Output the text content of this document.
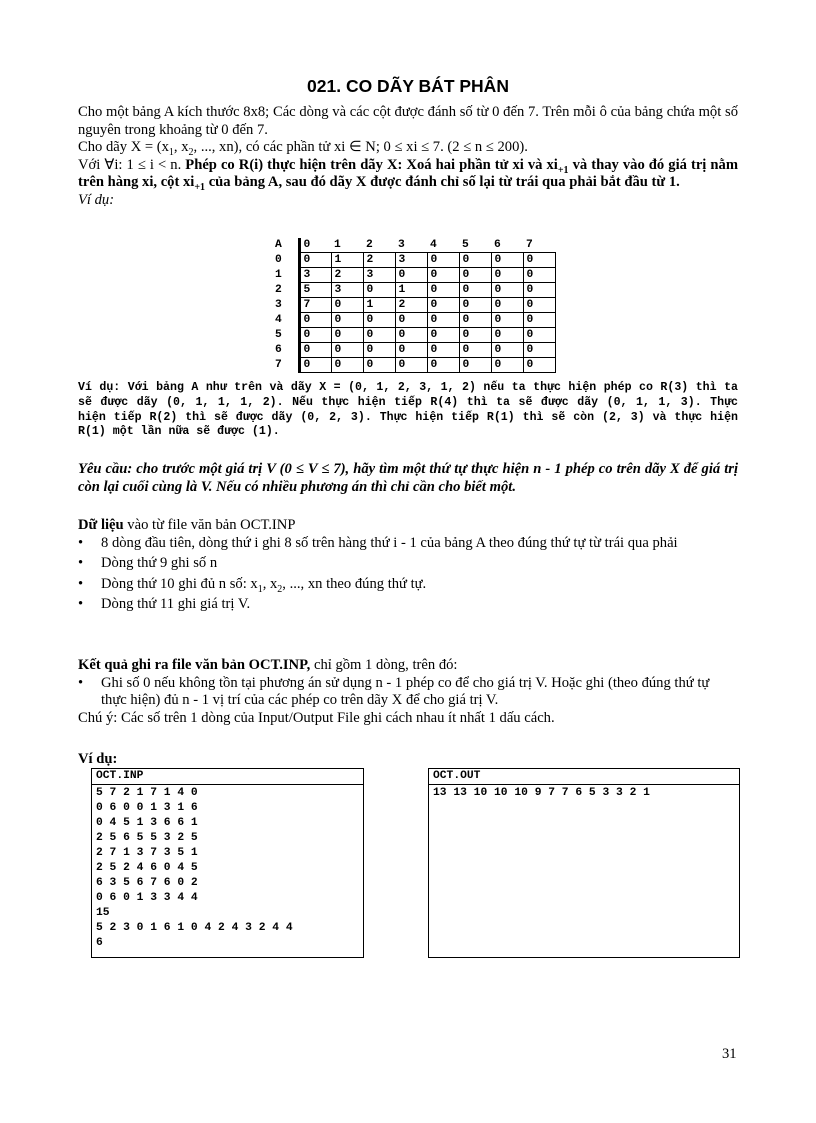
021. CO DÃY BÁT PHÂN

Cho một bảng A kích thước 8x8; Các dòng và các cột được đánh số từ 0 đến 7. Trên mỗi ô của bảng chứa một số nguyên trong khoảng từ 0 đến 7.

Cho dãy $X = (x_1$, $x_2$, ..., xn), có các phần tử xi ∈ N; 0 ≤ xi ≤ 7. (2 ≤ n ≤ 200).

Với ∀i: 1 ≤ i < n. Phép co R(i) thực hiện trên dãy X: Xoá hai phần tử xi và $xi_{+1}$ và thay vào đó giá trị nằm trên hàng xi, cột $xi_{+1}$ của bảng A, sau đó dãy X được đánh chỉ số lại từ trái qua phải bắt đầu từ 1.

Ví dụ:

A	0	1	2	3	4	5	6	7
0	0	1	2	3	0	0	0	0
1	3	2	3	0	0	0	0	0
2	5	3	0	1	0	0	0	0
3	7	0	1	2	0	0	0	0
4	0	0	0	0	0	0	0	0
5	0	0	0	0	0	0	0	0
6	0	0	0	0	0	0	0	0
7	0	0	0	0	0	0	0	0

Ví dụ: Với bảng A như trên và dãy X = (0, 1, 2, 3, 1, 2) nếu ta thực hiện phép co R(3) thì ta sẽ được dãy (0, 1, 1, 1, 2). Nếu thực hiện tiếp R(4) thì ta sẽ được dãy (0, 1, 1, 3). Thực hiện tiếp R(2) thì sẽ được dãy (0, 2, 3). Thực hiện tiếp R(1) thì sẽ còn (2, 3) và thực hiện R(1) một lần nữa sẽ được (1).

Yêu cầu: cho trước một giá trị V (0 ≤ V ≤ 7), hãy tìm một thứ tự thực hiện n - 1 phép co trên dãy X để giá trị còn lại cuối cùng là V. Nếu có nhiều phương án thì chỉ cần cho biết một.

Dữ liệu vào từ file văn bản OCT.INP

• 8 dòng đầu tiên, dòng thứ i ghi 8 số trên hàng thứ i - 1 của bảng A theo đúng thứ tự từ trái qua phải
• Dòng thứ 9 ghi số n
• Dòng thứ 10 ghi đủ n số: $x_1$, $x_2$, ..., xn theo đúng thứ tự.
• Dòng thứ 11 ghi giá trị V.

Kết quả ghi ra file văn bản OCT.INP, chỉ gồm 1 dòng, trên đó:

• Ghi số 0 nếu không tồn tại phương án sử dụng n - 1 phép co để cho giá trị V. Hoặc ghi (theo đúng thứ tự thực hiện) đủ n - 1 vị trí của các phép co trên dãy X để cho giá trị V.

Chú ý: Các số trên 1 dòng của Input/Output File ghi cách nhau ít nhất 1 dấu cách.

Ví dụ:

OCT.INP
5 7 2 1 7 1 4 0
0 6 0 0 1 3 1 6
0 4 5 1 3 6 6 1
2 5 6 5 5 3 2 5
2 7 1 3 7 3 5 1
2 5 2 4 6 0 4 5
6 3 5 6 7 6 0 2
0 6 0 1 3 3 4 4
15
5 2 3 0 1 6 1 0 4 2 4 3 2 4 4
6
OCT.OUT
13 13 10 10 10 9 7 7 6 5 3 3 2 1
31
